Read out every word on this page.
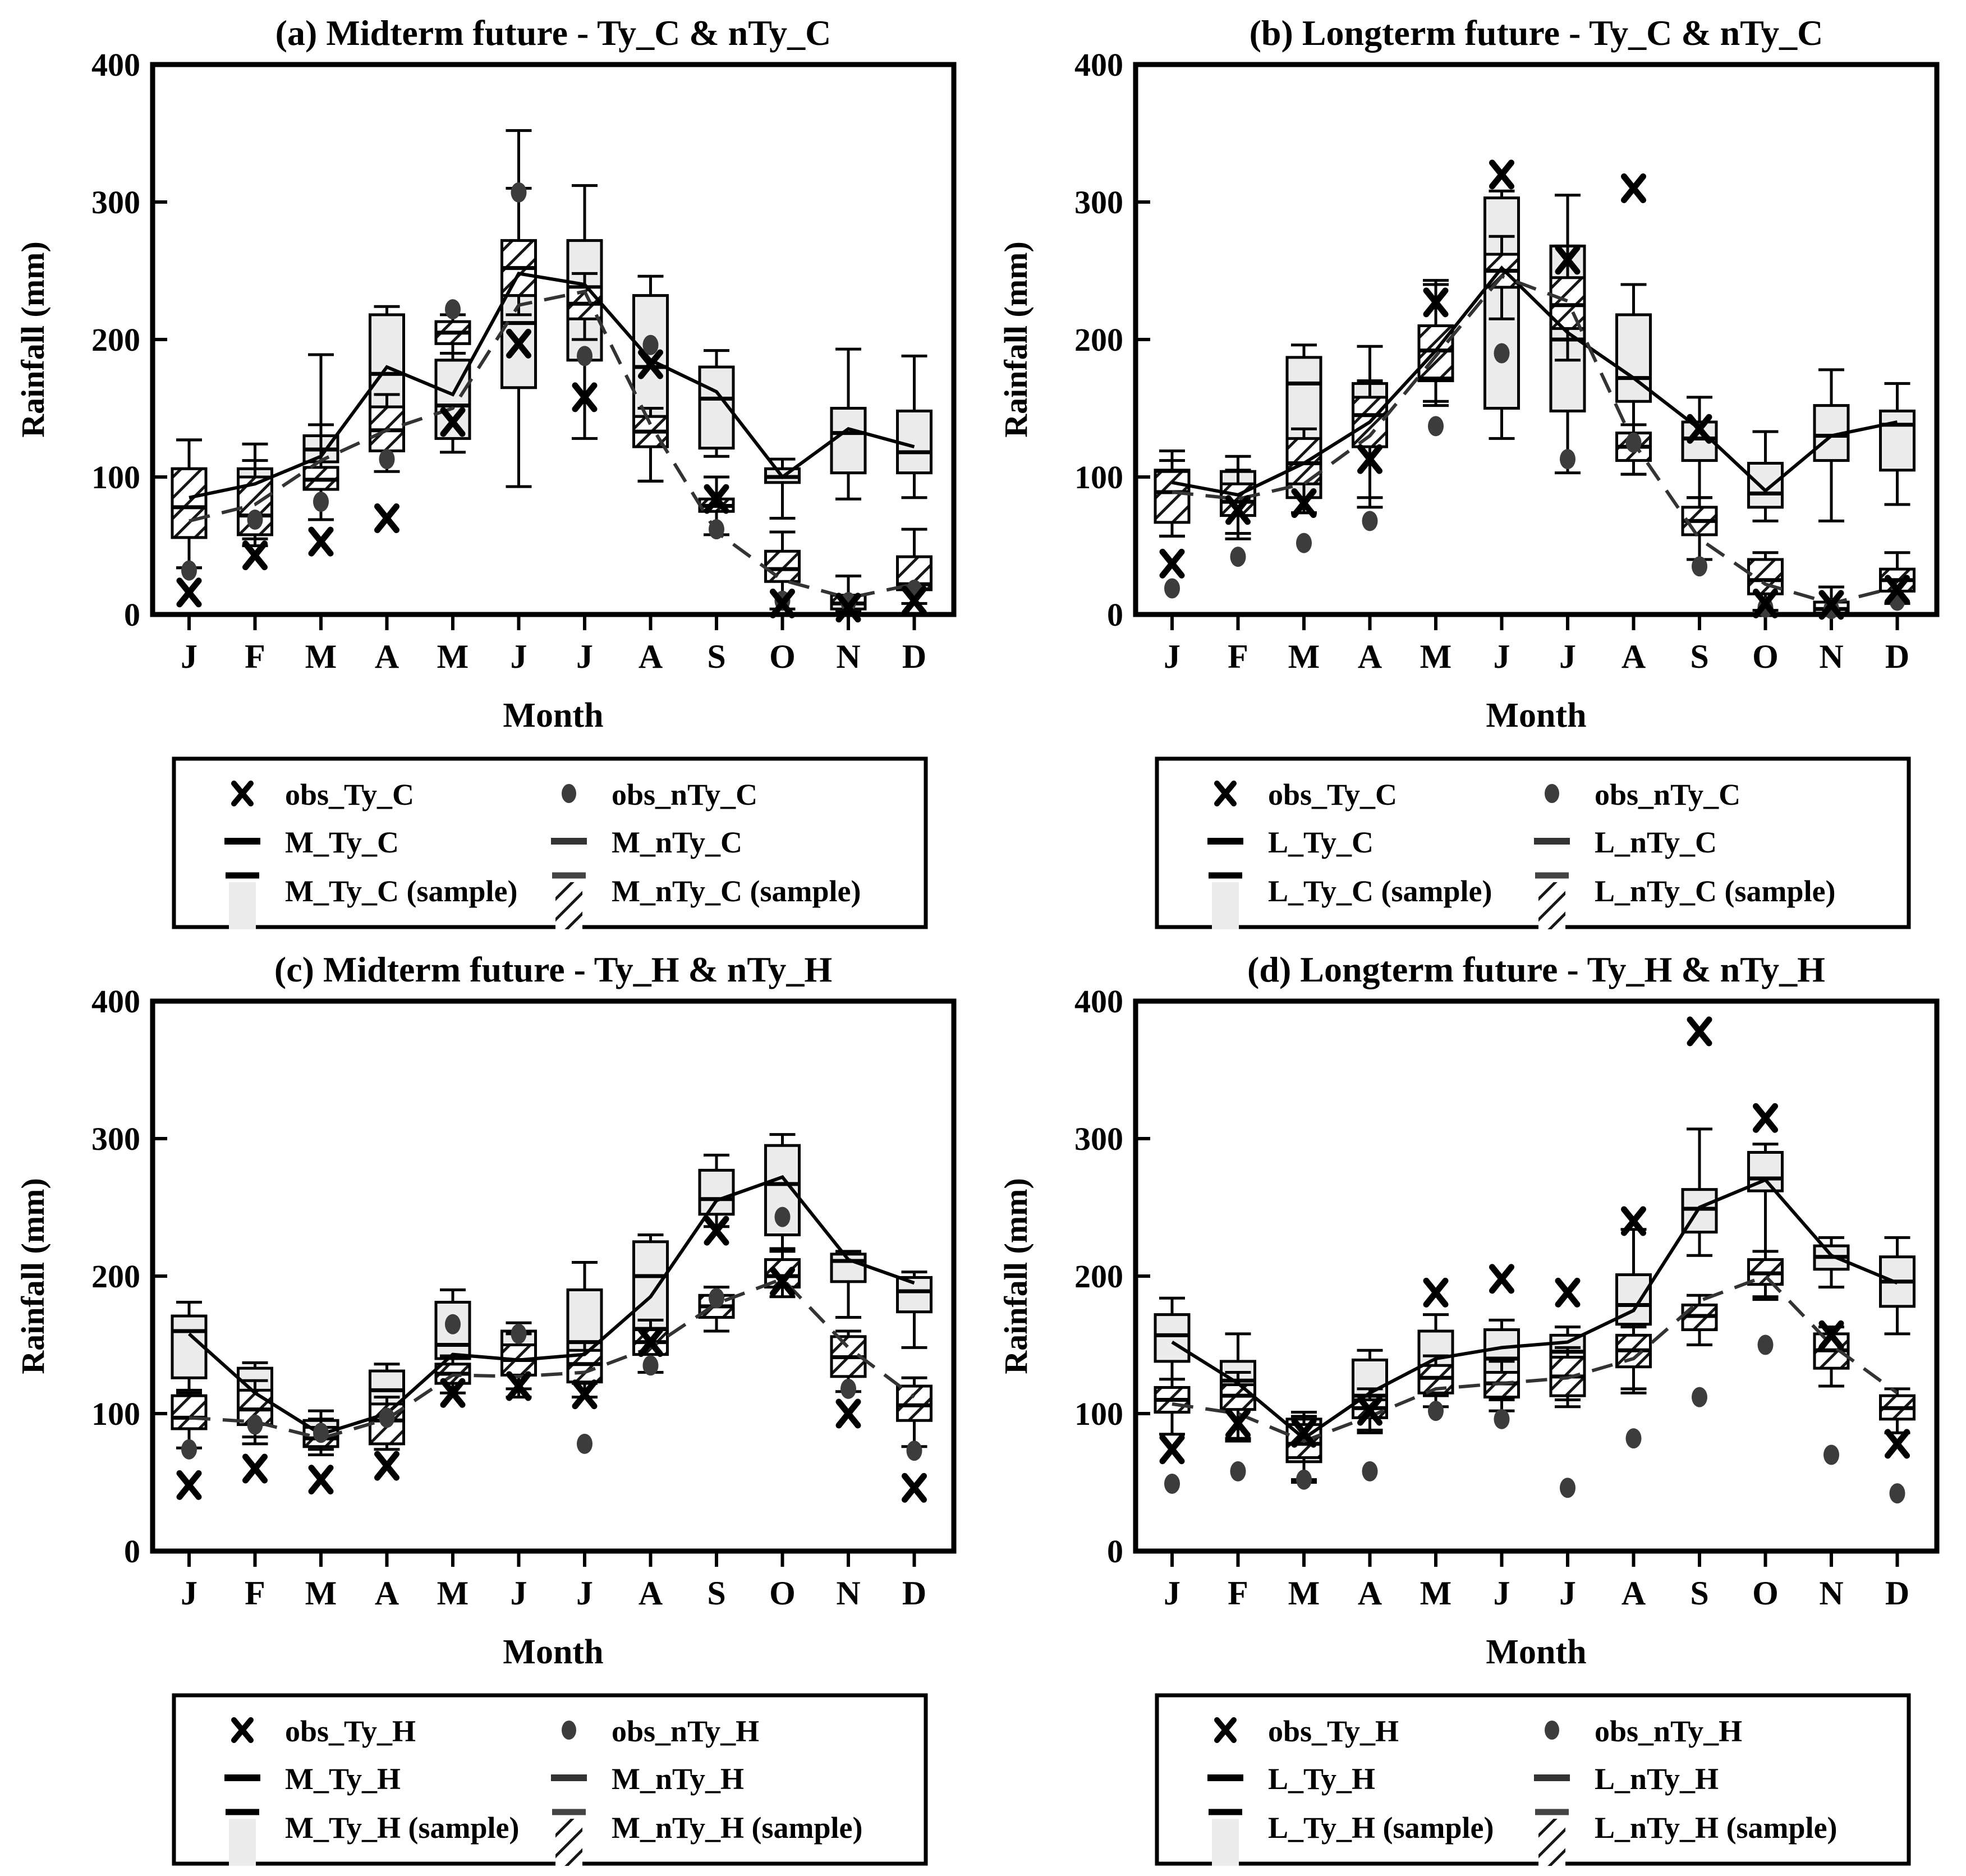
(a) Midterm future - Ty_C & nTy_C
0
100
200
300
400
Rainfall (mm)
J F M A M J J A S O N D
Month
obs_Ty_C	obs_nTy_C
M_Ty_C	M_nTy_C
M_Ty_C (sample)	M_nTy_C (sample)
(b) Longterm future - Ty_C & nTy_C
0
100
200
300
400
Rainfall (mm)
J F M A M J J A S O N D
Month
obs_Ty_C	obs_nTy_C
L_Ty_C	L_nTy_C
L_Ty_C (sample)	L_nTy_C (sample)
(c) Midterm future - Ty_H & nTy_H
0
100
200
300
400
Rainfall (mm)
J F M A M J J A S O N D
Month
obs_Ty_H	obs_nTy_H
M_Ty_H	M_nTy_H
M_Ty_H (sample)	M_nTy_H (sample)
(d) Longterm future - Ty_H & nTy_H
0
100
200
300
400
Rainfall (mm)
J F M A M J J A S O N D
Month
obs_Ty_H	obs_nTy_H
L_Ty_H	L_nTy_H
L_Ty_H (sample)	L_nTy_H (sample)
